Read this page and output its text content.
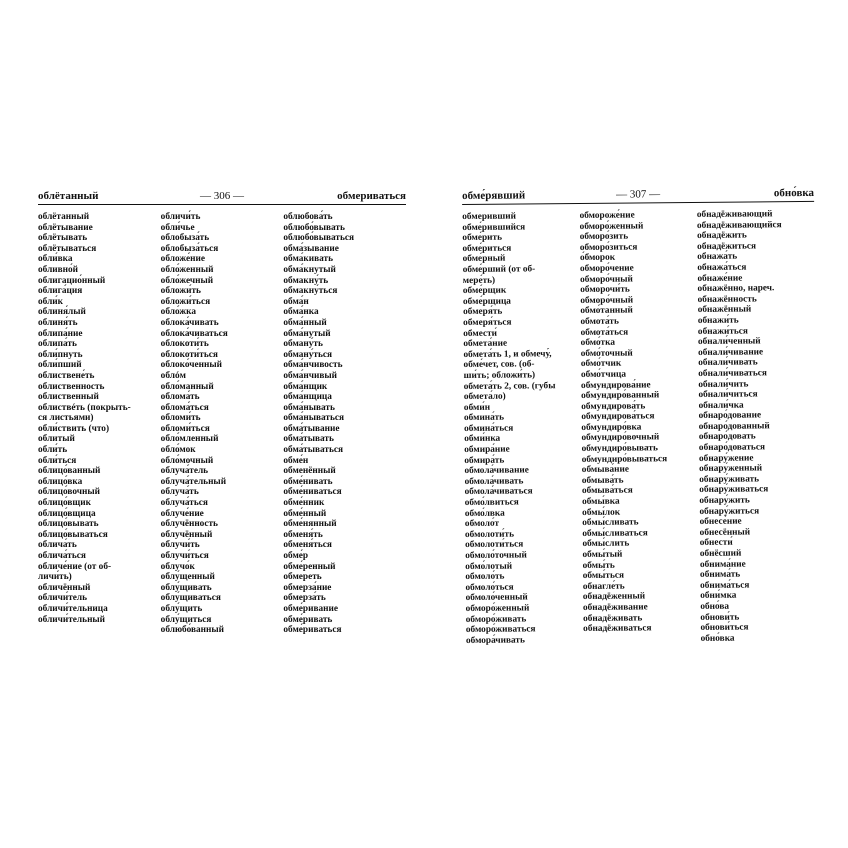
облётанный	— 306 —	обмериваться
облётанный
облётывание
облётывать
облётываться
обли́вка
обливно́й
облигацио́нный
облига́ция
обли́к
облиня́лый
облиня́ть
облипа́ние
облипа́ть
обли́пнуть
обли́пший
облиствене́ть
облиственность
облиственный
облиствéть (покрыть-
ся листьями)
обли́ствить (что)
облитый
обли́ть
обли́ться
облицо́ванный
облицо́вка
облицо́вочный
облицо́вщик
облицо́вщица
облицо́вывать
облицо́вываться
облича́ть
облича́ться
обличе́ние (от об-
личи́ть)
обличённый
обличи́тель
обличи́тельница
обличи́тельный
обличи́ть
обли́чье
облобыза́ть
облобыза́ться
обложе́ние
обло́женный
обло́жечный
обложи́ть
обложи́ться
обло́жка
облока́чивать
облока́чиваться
облокоти́ть
облокоти́ться
облоко́ченный
облóм
обло́манный
облома́ть
облома́ться
обломи́ть
обломи́ться
обло́мленный
обло́мок
обло́мочный
облуча́тель
облуча́тельный
облуча́ть
облуча́ться
облуче́ние
облучённость
облучённый
облучи́ть
облучи́ться
облучо́к
облу́щенный
облу́щивать
облу́щиваться
облу́щить
облу́щиться
облюбо́ванный
облюбова́ть
облюбо́вывать
облюбо́вываться
обма́зывание
обма́кивать
обма́кнутый
обмакну́ть
обмакну́ться
обма́н
обма́нка
обма́нный
обма́нутый
обману́ть
обману́ться
обма́нчивость
обма́нчивый
обма́нщик
обма́нщица
обма́нывать
обма́нываться
обма́тывание
обма́тывать
обма́тываться
обме́н
обменённый
обме́нивать
обме́ниваться
обме́нник
обме́нный
обме́нянный
обменя́ть
обменя́ться
обме́р
обме́ренный
обмереть
обмерза́ние
обмерза́ть
обме́ривание
обме́ривать
обме́риваться
обме́рявший	— 307 —	обно́вка
обмеривший
обме́рившийся
обме́рить
обме́риться
обме́рный
обме́рший (от об-
мере́ть)
обме́рщик
обме́рщица
обмеря́ть
обмеря́ться
обмести́
обмета́ние
обмета́ть 1, и обмечу́,
обме́чет, сов. (об-
ши́ть; обложи́ть)
обмета́ть 2, сов. (губы
обмета́ло)
обми́н
обмина́ть
обмина́ться
обми́нка
обмира́ние
обмира́ть
обмола́чивание
обмола́чивать
обмола́чиваться
обмо́лвиться
обмо́лвка
обмоло́т
обмолоти́ть
обмолоти́ться
обмоло́точный
обмо́лотый
обмоло́ть
обмоло́ться
обмоло́ченный
обморо́женный
обморо́живать
обморо́живаться
обмора́чивать
обмороже́ние
обморо́женный
обморо́зить
обморо́зиться
о́бморок
обморо́чение
обморо́чный
обморочи́ть
обморо́чный
обмо́танный
обмота́ть
обмота́ться
обмо́тка
обмо́точный
обмо́тчик
обмо́тчица
обмундирова́ние
обмундиро́ванный
обмундирова́ть
обмундирова́ться
обмундиро́вка
обмундиро́вочный
обмундиро́вывать
обмундиро́вываться
обмыва́ние
обмыва́ть
обмыва́ться
обмы́вка
обмы́лок
обмы́сливать
обмы́сливаться
обмы́слить
обмы́тый
обмы́ть
обмы́ться
обнагле́ть
обнадёженный
обнадёживание
обнадёживать
обнадёживаться
обнадёживающий
обнадёживающийся
обнадёжить
обнадёжиться
обнажа́ть
обнажа́ться
обнаже́ние
обнажённо, нареч.
обнажённость
обнажённый
обнажи́ть
обнажи́ться
обнали́ченный
обнали́чивание
обнали́чивать
обнали́чиваться
обнали́чить
обнали́читься
обнали́чка
обнаро́дование
обнаро́дованный
обнаро́довать
обнаро́доваться
обнару́жение
обнару́женный
обнару́живать
обнару́живаться
обнару́жить
обнару́житься
обнесе́ние
обнесённый
обнести́
обнёсший
обнима́ние
обнима́ть
обнима́ться
обни́мка
обно́ва
обнови́ть
обнови́ться
обно́вка
